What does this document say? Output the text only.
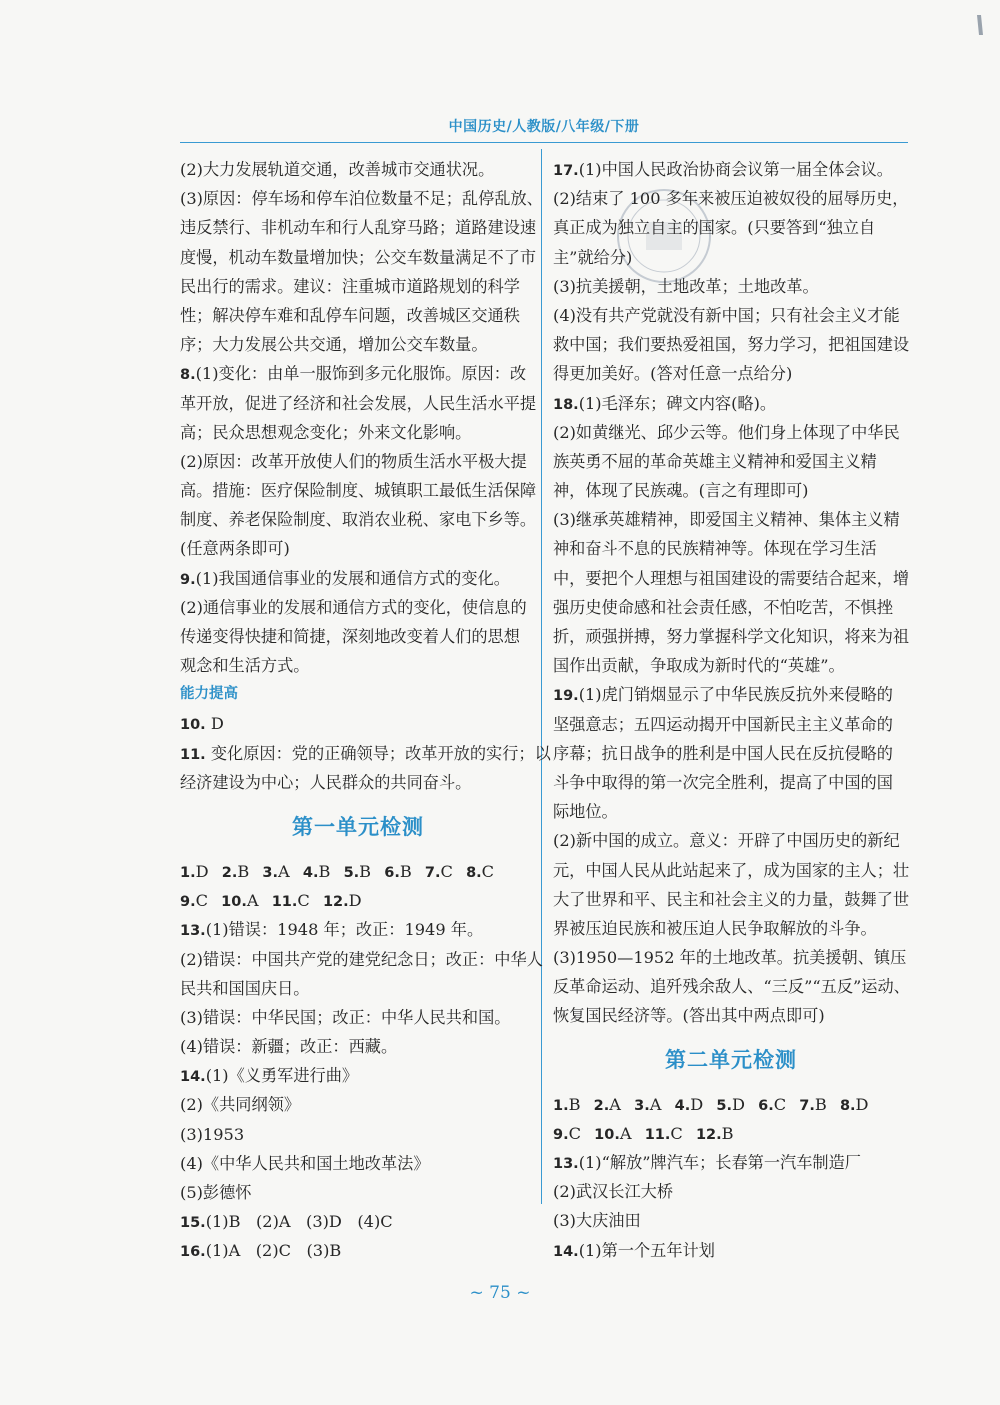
中国历史/人教版/八年级/下册
(2)大力发展轨道交通，改善城市交通状况。
(3)原因：停车场和停车泊位数量不足；乱停乱放、
违反禁行、非机动车和行人乱穿马路；道路建设速
度慢，机动车数量增加快；公交车数量满足不了市
民出行的需求。建议：注重城市道路规划的科学
性；解决停车难和乱停车问题，改善城区交通秩
序；大力发展公共交通，增加公交车数量。
8.(1)变化：由单一服饰到多元化服饰。原因：改
革开放，促进了经济和社会发展，人民生活水平提
高；民众思想观念变化；外来文化影响。
(2)原因：改革开放使人们的物质生活水平极大提
高。措施：医疗保险制度、城镇职工最低生活保障
制度、养老保险制度、取消农业税、家电下乡等。
(任意两条即可)
9.(1)我国通信事业的发展和通信方式的变化。
(2)通信事业的发展和通信方式的变化，使信息的
传递变得快捷和简捷，深刻地改变着人们的思想
观念和生活方式。
能力提高
10. D
11. 变化原因：党的正确领导；改革开放的实行；以
经济建设为中心；人民群众的共同奋斗。
第一单元检测
1.D 2.B 3.A 4.B 5.B 6.B 7.C 8.C
9.C 10.A 11.C 12.D
13.(1)错误：1948 年；改正：1949 年。
(2)错误：中国共产党的建党纪念日；改正：中华人
民共和国国庆日。
(3)错误：中华民国；改正：中华人民共和国。
(4)错误：新疆；改正：西藏。
14.(1)《义勇军进行曲》
(2)《共同纲领》
(3)1953
(4)《中华人民共和国土地改革法》
(5)彭德怀
15.(1)B   (2)A   (3)D   (4)C
16.(1)A   (2)C   (3)B
17.(1)中国人民政治协商会议第一届全体会议。
(2)结束了 100 多年来被压迫被奴役的屈辱历史，
真正成为独立自主的国家。(只要答到“独立自
主”就给分)
(3)抗美援朝，土地改革；土地改革。
(4)没有共产党就没有新中国；只有社会主义才能
救中国；我们要热爱祖国，努力学习，把祖国建设
得更加美好。(答对任意一点给分)
18.(1)毛泽东；碑文内容(略)。
(2)如黄继光、邱少云等。他们身上体现了中华民
族英勇不屈的革命英雄主义精神和爱国主义精
神，体现了民族魂。(言之有理即可)
(3)继承英雄精神，即爱国主义精神、集体主义精
神和奋斗不息的民族精神等。体现在学习生活
中，要把个人理想与祖国建设的需要结合起来，增
强历史使命感和社会责任感，不怕吃苦，不惧挫
折，顽强拼搏，努力掌握科学文化知识，将来为祖
国作出贡献，争取成为新时代的“英雄”。
19.(1)虎门销烟显示了中华民族反抗外来侵略的
坚强意志；五四运动揭开中国新民主主义革命的
序幕；抗日战争的胜利是中国人民在反抗侵略的
斗争中取得的第一次完全胜利，提高了中国的国
际地位。
(2)新中国的成立。意义：开辟了中国历史的新纪
元，中国人民从此站起来了，成为国家的主人；壮
大了世界和平、民主和社会主义的力量，鼓舞了世
界被压迫民族和被压迫人民争取解放的斗争。
(3)1950—1952 年的土地改革。抗美援朝、镇压
反革命运动、追歼残余敌人、“三反”“五反”运动、
恢复国民经济等。(答出其中两点即可)
第二单元检测
1.B 2.A 3.A 4.D 5.D 6.C 7.B 8.D
9.C 10.A 11.C 12.B
13.(1)“解放”牌汽车；长春第一汽车制造厂
(2)武汉长江大桥
(3)大庆油田
14.(1)第一个五年计划
~ 75 ~
